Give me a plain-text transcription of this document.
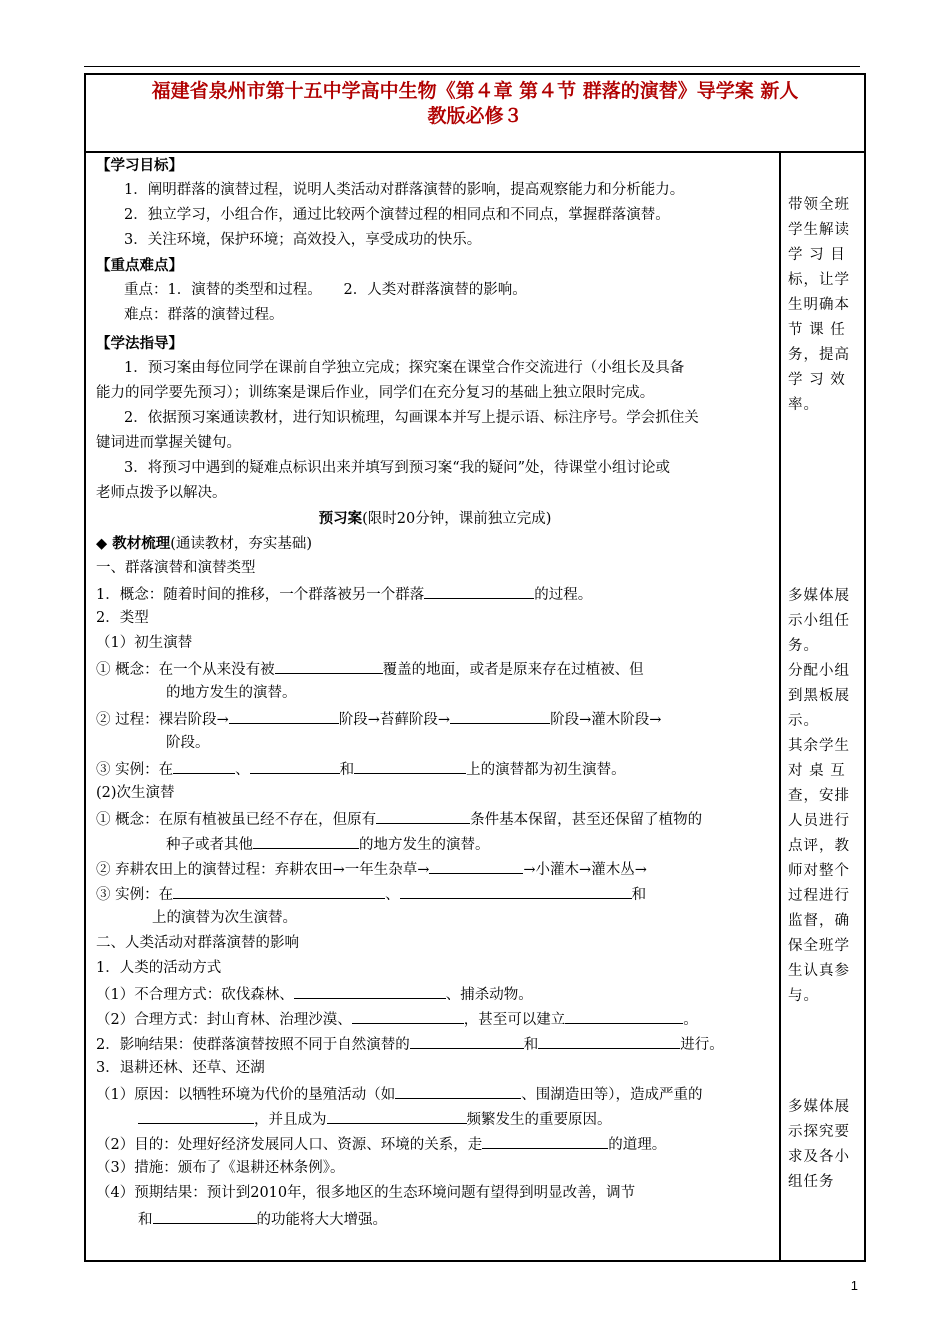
福建省泉州市第十五中学高中生物《第４章 第４节 群落的演替》导学案 新人
教版必修３
【学习目标】
1．阐明群落的演替过程，说明人类活动对群落演替的影响，提高观察能力和分析能力。
2．独立学习，小组合作，通过比较两个演替过程的相同点和不同点，掌握群落演替。
3．关注环境，保护环境；高效投入，享受成功的快乐。
【重点难点】
重点：1．演替的类型和过程。　　2．人类对群落演替的影响。
难点：群落的演替过程。
【学法指导】
1．预习案由每位同学在课前自学独立完成；探究案在课堂合作交流进行（小组长及具备
能力的同学要先预习）；训练案是课后作业，同学们在充分复习的基础上独立限时完成。
2．依据预习案通读教材，进行知识梳理，勾画课本并写上提示语、标注序号。学会抓住关
键词进而掌握关键句。
3．将预习中遇到的疑难点标识出来并填写到预习案“我的疑问”处，待课堂小组讨论或
老师点拨予以解决。
预习案(限时20分钟，课前独立完成)
◆ 教材梳理(通读教材，夯实基础)
一、群落演替和演替类型
1．概念：随着时间的推移，一个群落被另一个群落	的过程。
2．类型
（1）初生演替
① 概念：在一个从来没有被	覆盖的地面，或者是原来存在过植被、但
的地方发生的演替。
② 过程：裸岩阶段→	阶段→苔藓阶段→	阶段→灌木阶段→
阶段。
③ 实例：在	、	和	上的演替都为初生演替。
(2)次生演替
① 概念：在原有植被虽已经不存在，但原有	条件基本保留，甚至还保留了植物的
种子或者其他	的地方发生的演替。
② 弃耕农田上的演替过程：弃耕农田→一年生杂草→	→小灌木→灌木丛→
③ 实例：在	、	和
上的演替为次生演替。
二、人类活动对群落演替的影响
1．人类的活动方式
（1）不合理方式：砍伐森林、	、捕杀动物。
（2）合理方式：封山育林、治理沙漠、	，甚至可以建立	。
2．影响结果：使群落演替按照不同于自然演替的	和	进行。
3．退耕还林、还草、还湖
（1）原因：以牺牲环境为代价的垦殖活动（如	、围湖造田等），造成严重的
，并且成为	频繁发生的重要原因。
（2）目的：处理好经济发展同人口、资源、环境的关系，走	的道理。
（3）措施：颁布了《退耕还林条例》。
（4）预期结果：预计到2010年，很多地区的生态环境问题有望得到明显改善，调节
和	的功能将大大增强。
带领全班
学生解读
学 习 目
标，让学
生明确本
节 课 任
务，提高
学 习 效
率。
多媒体展
示小组任
务。
分配小组
到黑板展
示。
其余学生
对 桌 互
查，安排
人员进行
点评，教
师对整个
过程进行
监督，确
保全班学
生认真参
与。
多媒体展
示探究要
求及各小
组任务
1
